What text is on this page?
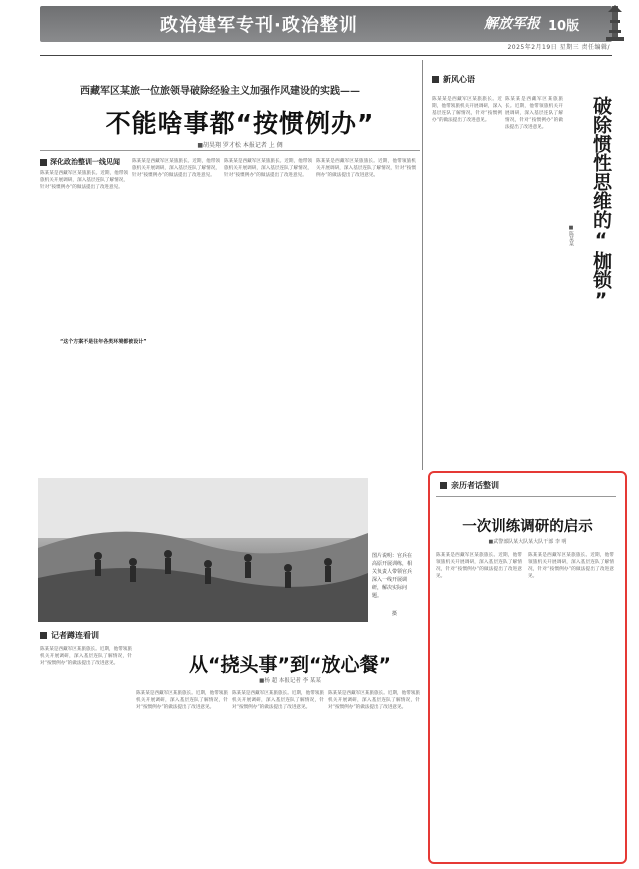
政治建军专刊·政治整训	解放军报 10版
2025年2月19日 星期三 责任编辑/
西藏军区某旅一位旅领导破除经验主义加强作风建设的实践——
不能啥事都“按惯例办”
■胡昊翔 罗才松 本报记者 上 倜
深化政治整训一线见闻
陈某某是西藏军区某旅旅长。近期，他带领旅机关开展调研，深入基层连队了解情况，针对“按惯例办”的做法提出了改进意见。
陈某某是西藏军区某旅旅长。近期，他带领旅机关开展调研，深入基层连队了解情况，针对“按惯例办”的做法提出了改进意见。
陈某某是西藏军区某旅旅长。近期，他带领旅机关开展调研，深入基层连队了解情况，针对“按惯例办”的做法提出了改进意见。
陈某某是西藏军区某旅旅长。近期，他带领旅机关开展调研，深入基层连队了解情况，针对“按惯例办”的做法提出了改进意见。
“这个方案不是往年各类环境都被设计”
新风心语
破除惯性思维的“枷锁”
■陈某某
陈某某是西藏军区某旅旅长。近期，他带领旅机关开展调研，深入基层连队了解情况，针对“按惯例办”的做法提出了改进意见。
陈某某是西藏军区某旅旅长。近期，他带领旅机关开展调研，深入基层连队了解情况，针对“按惯例办”的做法提出了改进意见。
图片说明：官兵在高原开展训练，相关负责人带领官兵深入一线开展调研，解决实际问题。
摄
记者蹲连看训
从“挠头事”到“放心餐”
■杨 超 本报记者 李 某某
陈某某是西藏军区某旅旅长。近期，他带领旅机关开展调研，深入基层连队了解情况，针对“按惯例办”的做法提出了改进意见。
陈某某是西藏军区某旅旅长。近期，他带领旅机关开展调研，深入基层连队了解情况，针对“按惯例办”的做法提出了改进意见。
陈某某是西藏军区某旅旅长。近期，他带领旅机关开展调研，深入基层连队了解情况，针对“按惯例办”的做法提出了改进意见。
陈某某是西藏军区某旅旅长。近期，他带领旅机关开展调研，深入基层连队了解情况，针对“按惯例办”的做法提出了改进意见。
亲历者话整训
一次训练调研的启示
■武警部队某大队某大队干部 李 明
陈某某是西藏军区某旅旅长。近期，他带领旅机关开展调研，深入基层连队了解情况，针对“按惯例办”的做法提出了改进意见。
陈某某是西藏军区某旅旅长。近期，他带领旅机关开展调研，深入基层连队了解情况，针对“按惯例办”的做法提出了改进意见。
